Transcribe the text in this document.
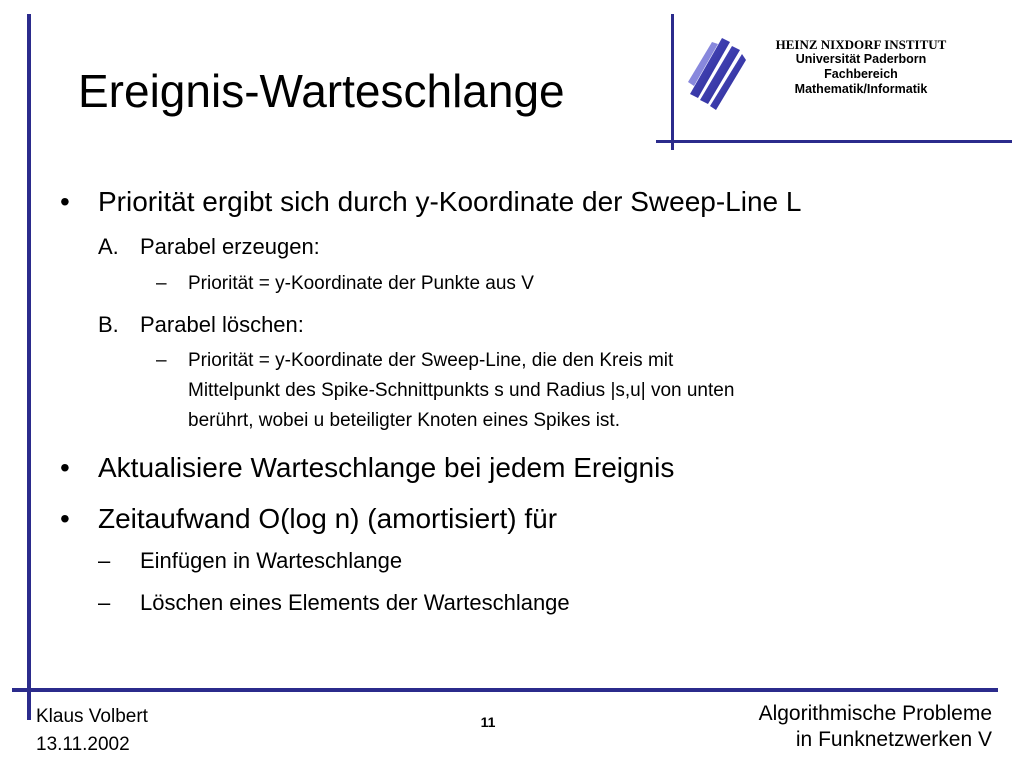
Ereignis-Warteschlange
HEINZ NIXDORF INSTITUT
Universität Paderborn
Fachbereich
Mathematik/Informatik
• Priorität ergibt sich durch y-Koordinate der Sweep-Line L
A. Parabel erzeugen:
– Priorität = y-Koordinate der Punkte aus V
B. Parabel löschen:
– Priorität = y-Koordinate der Sweep-Line, die den Kreis mit
Mittelpunkt des Spike-Schnittpunkts s und Radius |s,u| von unten
berührt, wobei u beteiligter Knoten eines Spikes ist.
• Aktualisiere Warteschlange bei jedem Ereignis
• Zeitaufwand O(log n) (amortisiert) für
– Einfügen in Warteschlange
– Löschen eines Elements der Warteschlange
Klaus Volbert
13.11.2002
11	Algorithmische Probleme
in Funknetzwerken V
